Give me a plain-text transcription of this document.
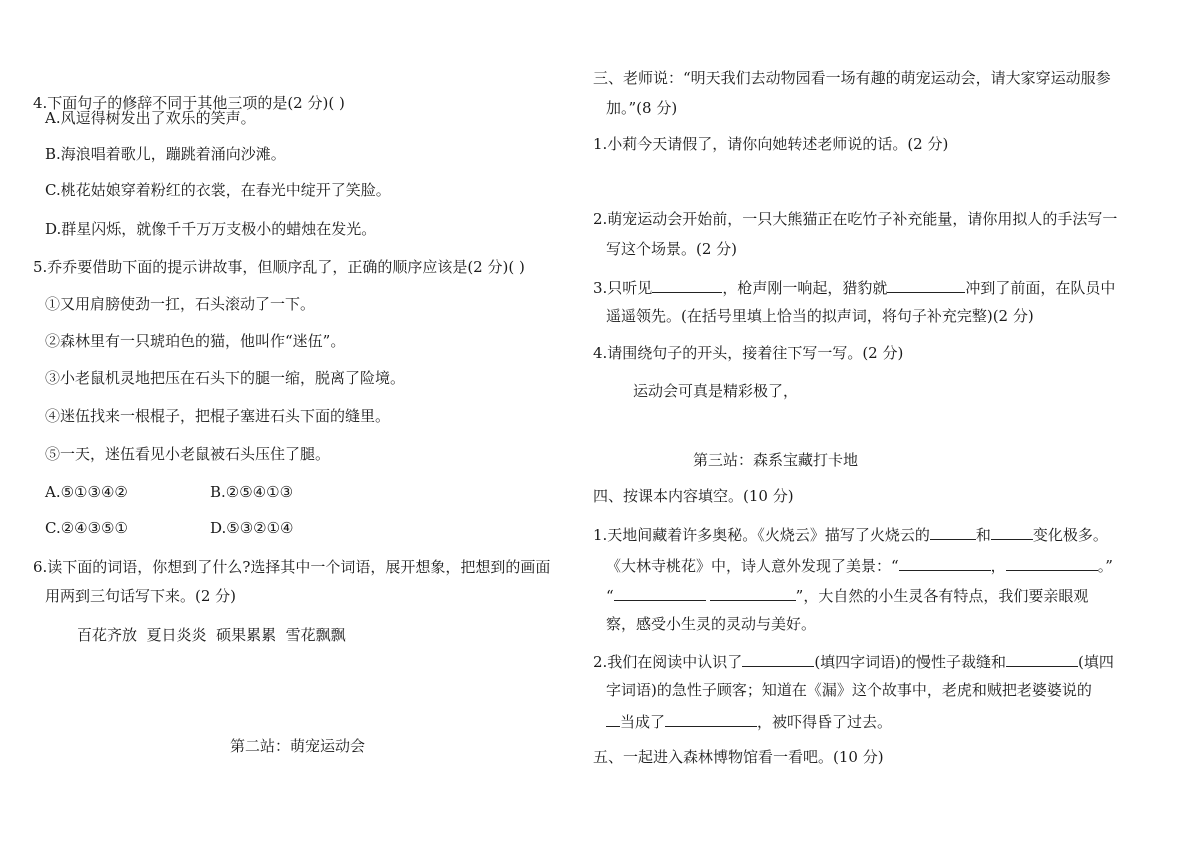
4.下面句子的修辞不同于其他三项的是(2 分)( )
A.风逗得树发出了欢乐的笑声。
B.海浪唱着歌儿，蹦跳着涌向沙滩。
C.桃花姑娘穿着粉红的衣裳，在春光中绽开了笑脸。
D.群星闪烁，就像千千万万支极小的蜡烛在发光。
5.乔乔要借助下面的提示讲故事，但顺序乱了，正确的顺序应该是(2 分)( )
①又用肩膀使劲一扛，石头滚动了一下。
②森林里有一只琥珀色的猫，他叫作“迷伍”。
③小老鼠机灵地把压在石头下的腿一缩，脱离了险境。
④迷伍找来一根棍子，把棍子塞进石头下面的缝里。
⑤一天，迷伍看见小老鼠被石头压住了腿。
A.⑤①③④②	B.②⑤④①③
C.②④③⑤①	D.⑤③②①④
6.读下面的词语，你想到了什么?选择其中一个词语，展开想象，把想到的画面
用两到三句话写下来。(2 分)
百花齐放  夏日炎炎  硕果累累  雪花飘飘
第二站：萌宠运动会
三、老师说：“明天我们去动物园看一场有趣的萌宠运动会，请大家穿运动服参
加。”(8 分)
1.小莉今天请假了，请你向她转述老师说的话。(2 分)
2.萌宠运动会开始前，一只大熊猫正在吃竹子补充能量，请你用拟人的手法写一
写这个场景。(2 分)
3.只听见	，枪声刚一响起，猎豹就	冲到了前面，在队员中
遥遥领先。(在括号里填上恰当的拟声词，将句子补充完整)(2 分)
4.请围绕句子的开头，接着往下写一写。(2 分)
运动会可真是精彩极了，
第三站：森系宝藏打卡地
四、按课本内容填空。(10 分)
1.天地间藏着许多奥秘。《火烧云》描写了火烧云的	和	变化极多。
《大林寺桃花》中，诗人意外发现了美景：“	，	。”
“	”，大自然的小生灵各有特点，我们要亲眼观
察，感受小生灵的灵动与美好。
2.我们在阅读中认识了	(填四字词语)的慢性子裁缝和	(填四
字词语)的急性子顾客；知道在《漏》这个故事中，老虎和贼把老婆婆说的
当成了	，被吓得昏了过去。
五、一起进入森林博物馆看一看吧。(10 分)
